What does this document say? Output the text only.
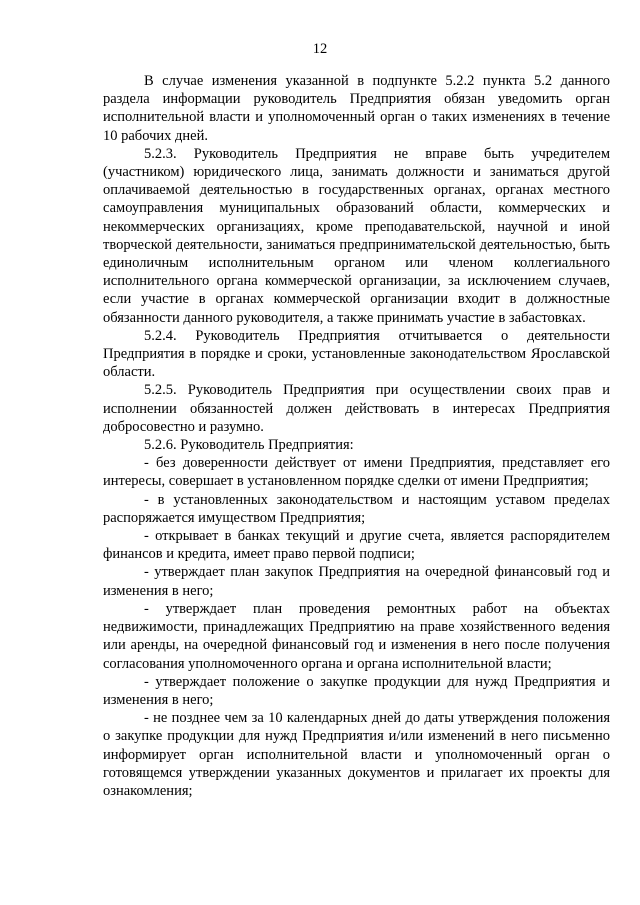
12

В случае изменения указанной в подпункте 5.2.2 пункта 5.2 данного раздела информации руководитель Предприятия обязан уведомить орган исполнительной власти и уполномоченный орган о таких изменениях в течение 10 рабочих дней.

5.2.3. Руководитель Предприятия не вправе быть учредителем (участником) юридического лица, занимать должности и заниматься другой оплачиваемой деятельностью в государственных органах, органах местного самоуправления муниципальных образований области, коммерческих и некоммерческих организациях, кроме преподавательской, научной и иной творческой деятельности, заниматься предпринимательской деятельностью, быть единоличным исполнительным органом или членом коллегиального исполнительного органа коммерческой организации, за исключением случаев, если участие в органах коммерческой организации входит в должностные обязанности данного руководителя, а также принимать участие в забастовках.

5.2.4. Руководитель Предприятия отчитывается о деятельности Предприятия в порядке и сроки, установленные законодательством Ярославской области.

5.2.5. Руководитель Предприятия при осуществлении своих прав и исполнении обязанностей должен действовать в интересах Предприятия добросовестно и разумно.

5.2.6. Руководитель Предприятия:

- без доверенности действует от имени Предприятия, представляет его интересы, совершает в установленном порядке сделки от имени Предприятия;

- в установленных законодательством и настоящим уставом пределах распоряжается имуществом Предприятия;

- открывает в банках текущий и другие счета, является распорядителем финансов и кредита, имеет право первой подписи;

- утверждает план закупок Предприятия на очередной финансовый год и изменения в него;

- утверждает план проведения ремонтных работ на объектах недвижимости, принадлежащих Предприятию на праве хозяйственного ведения или аренды, на очередной финансовый год и изменения в него после получения согласования уполномоченного органа и органа исполнительной власти;

- утверждает положение о закупке продукции для нужд Предприятия и изменения в него;

- не позднее чем за 10 календарных дней до даты утверждения положения о закупке продукции для нужд Предприятия и/или изменений в него письменно информирует орган исполнительной власти и уполномоченный орган о готовящемся утверждении указанных документов и прилагает их проекты для ознакомления;
